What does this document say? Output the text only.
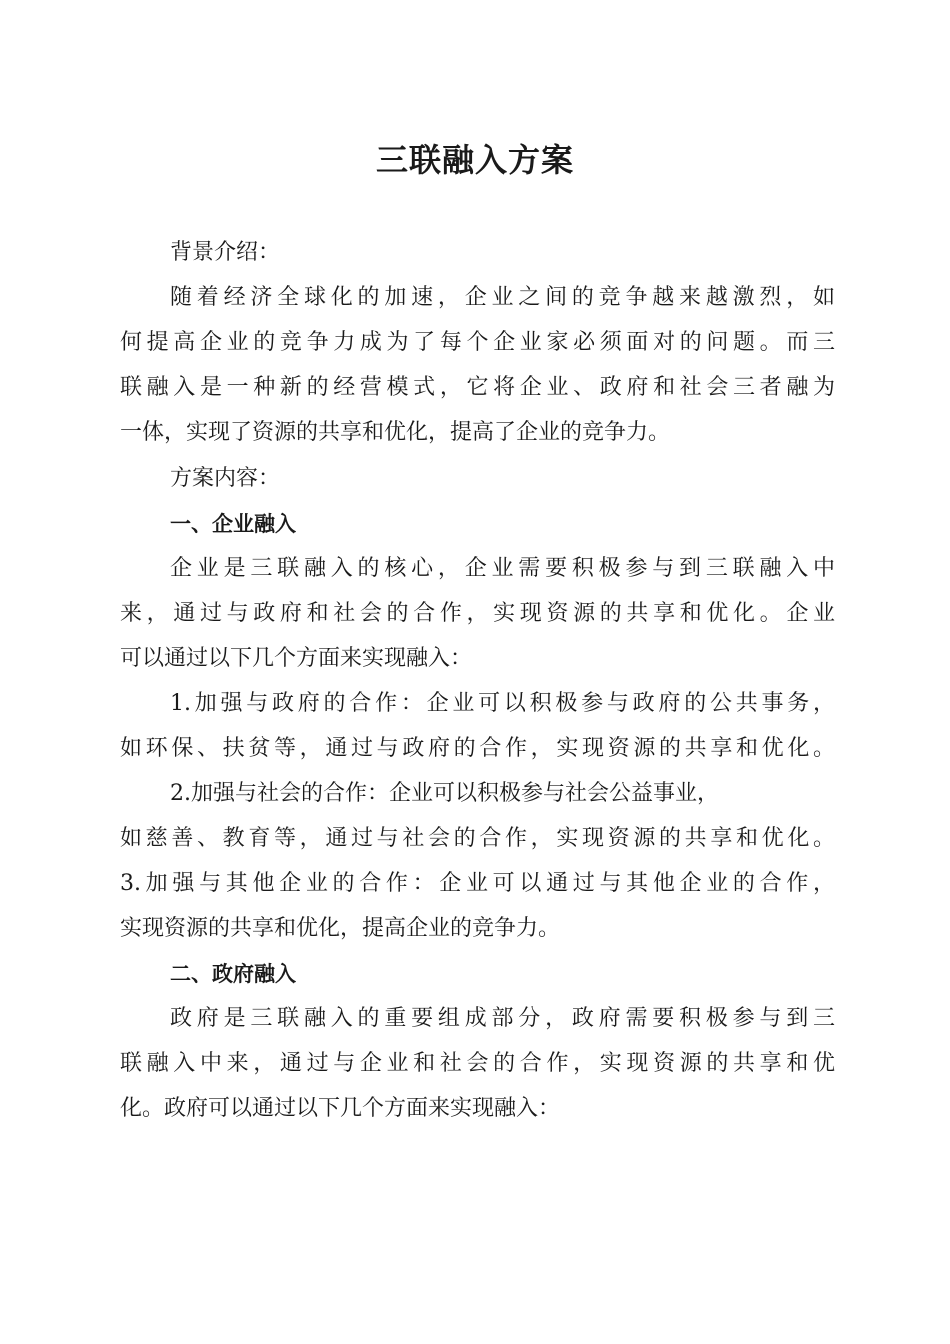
三联融入方案
背景介绍：
随着经济全球化的加速，企业之间的竞争越来越激烈，如
何提高企业的竞争力成为了每个企业家必须面对的问题。而三
联融入是一种新的经营模式，它将企业、政府和社会三者融为
一体，实现了资源的共享和优化，提高了企业的竞争力。
方案内容：
一、企业融入
企业是三联融入的核心，企业需要积极参与到三联融入中
来，通过与政府和社会的合作，实现资源的共享和优化。企业
可以通过以下几个方面来实现融入：
1.加强与政府的合作：企业可以积极参与政府的公共事务，
如环保、扶贫等，通过与政府的合作，实现资源的共享和优化。
2.加强与社会的合作：企业可以积极参与社会公益事业，
如慈善、教育等，通过与社会的合作，实现资源的共享和优化。
3.加强与其他企业的合作：企业可以通过与其他企业的合作，
实现资源的共享和优化，提高企业的竞争力。
二、政府融入
政府是三联融入的重要组成部分，政府需要积极参与到三
联融入中来，通过与企业和社会的合作，实现资源的共享和优
化。政府可以通过以下几个方面来实现融入：
